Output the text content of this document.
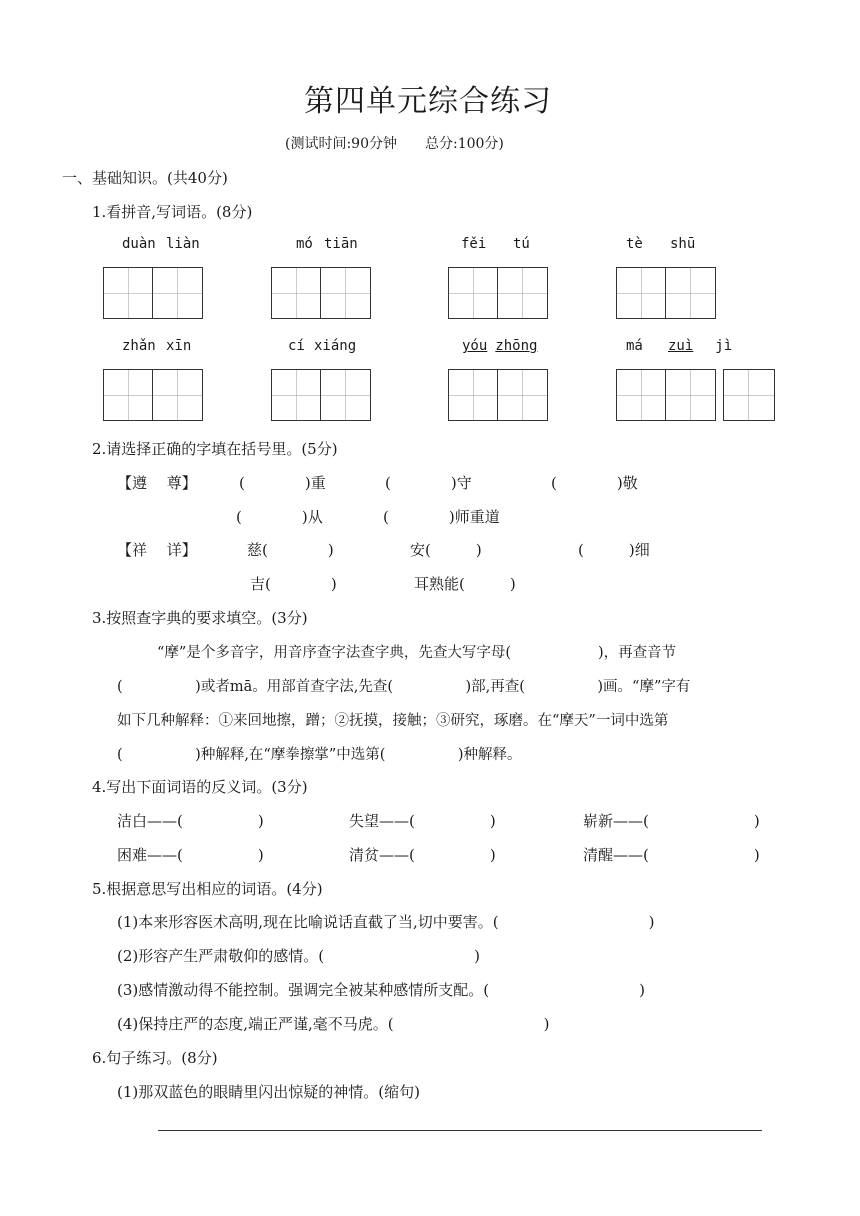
第四单元综合练习
(测试时间:90分钟　　总分:100分)
一、基础知识。(共40分)
1.看拼音,写词语。(8分)
duàn liàn	mó tiān	fěi tú	tè shū
zhǎn xīn	cí xiáng	yóu zhōng	má zuì jì
2.请选择正确的字填在括号里。(5分)
【遵　 尊】	(　　　　)重	(　　　　)守	(　　　　)敬
(　　　　)从	(　　　　)师重道
【祥　 详】	慈(　　　　)	安(　　　)	(　　　)细
吉(　　　　)	耳熟能(　　　)
3.按照查字典的要求填空。(3分)
“摩”是个多音字，用音序查字法查字典，先查大写字母(　　　　　　)，再查音节
(　　　　　)或者mā。用部首查字法,先查(　　　　　)部,再查(　　　　　)画。“摩”字有
如下几种解释：①来回地擦，蹭；②抚摸，接触；③研究，琢磨。在“摩天”一词中选第
(　　　　　)种解释,在“摩拳擦掌”中选第(　　　　　)种解释。
4.写出下面词语的反义词。(3分)
洁白——(　　　　　)	失望——(　　　　　)	崭新——(　　　　　　　)
困难——(　　　　　)	清贫——(　　　　　)	清醒——(　　　　　　　)
5.根据意思写出相应的词语。(4分)
(1)本来形容医术高明,现在比喻说话直截了当,切中要害。(　　　　　　　　　　)
(2)形容产生严肃敬仰的感情。(　　　　　　　　　　)
(3)感情激动得不能控制。强调完全被某种感情所支配。(　　　　　　　　　　)
(4)保持庄严的态度,端正严谨,毫不马虎。(　　　　　　　　　　)
6.句子练习。(8分)
(1)那双蓝色的眼睛里闪出惊疑的神情。(缩句)
